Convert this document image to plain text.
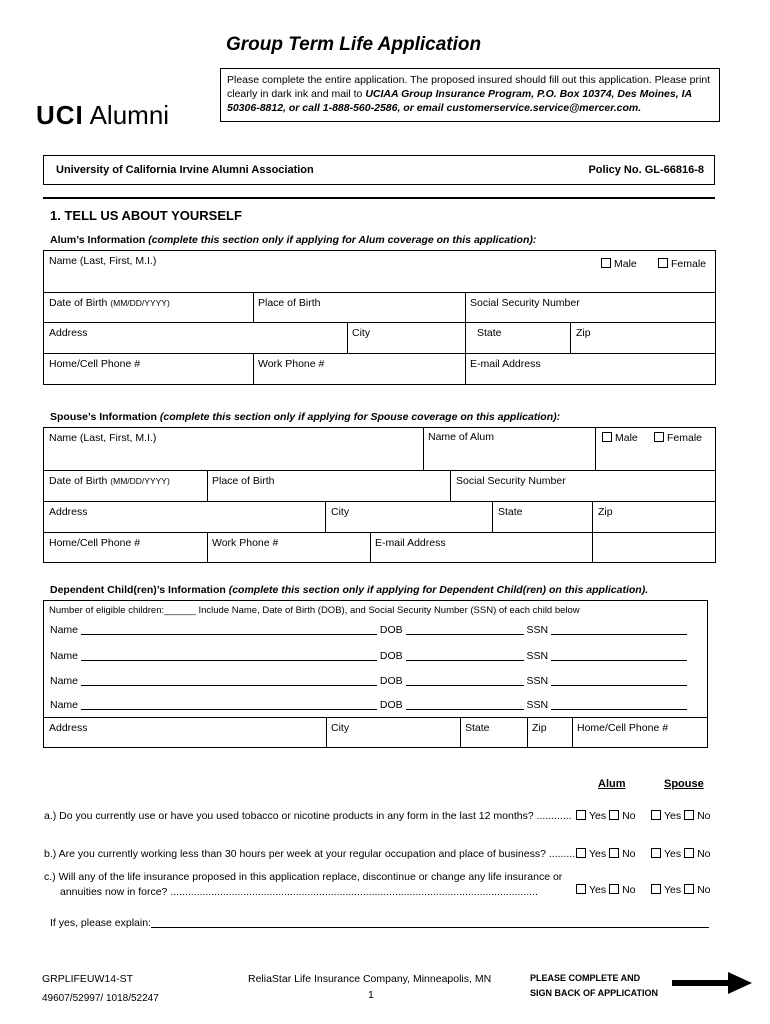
Group Term Life Application
UCI Alumni
Please complete the entire application. The proposed insured should fill out this application. Please print clearly in dark ink and mail to UCIAA Group Insurance Program, P.O. Box 10374, Des Moines, IA 50306-8812, or call 1-888-560-2586, or email customerservice.service@mercer.com.
University of California Irvine Alumni Association	Policy No. GL-66816-8
1. TELL US ABOUT YOURSELF
Alum’s Information (complete this section only if applying for Alum coverage on this application):
Name (Last, First, M.I.)	Male	Female
Date of Birth (MM/DD/YYYY)	Place of Birth	Social Security Number
Address	City	State	Zip
Home/Cell Phone #	Work Phone #	E-mail Address
Spouse’s Information (complete this section only if applying for Spouse coverage on this application):
Name (Last, First, M.I.)	Name of Alum	Male	Female
Date of Birth (MM/DD/YYYY)	Place of Birth	Social Security Number
Address	City	State	Zip
Home/Cell Phone #	Work Phone #	E-mail Address
Dependent Child(ren)’s Information (complete this section only if applying for Dependent Child(ren) on this application).
Number of eligible children:______ Include Name, Date of Birth (DOB), and Social Security Number (SSN) of each child below
Name	DOB	SSN
Name	DOB	SSN
Name	DOB	SSN
Name	DOB	SSN
Address	City	State	Zip	Home/Cell Phone #
Alum	Spouse
a.) Do you currently use or have you used tobacco or nicotine products in any form in the last 12 months? ............	Yes No	Yes No
b.) Are you currently working less than 30 hours per week at your regular occupation and place of business? .........	Yes No	Yes No
c.) Will any of the life insurance proposed in this application replace, discontinue or change any life insurance or
annuities now in force? ..............................................................................................................................	Yes No	Yes No
If yes, please explain:
GRPLIFEUW14-ST
49607/52997/ 1018/52247
ReliaStar Life Insurance Company, Minneapolis, MN
1
PLEASE COMPLETE AND
SIGN BACK OF APPLICATION
